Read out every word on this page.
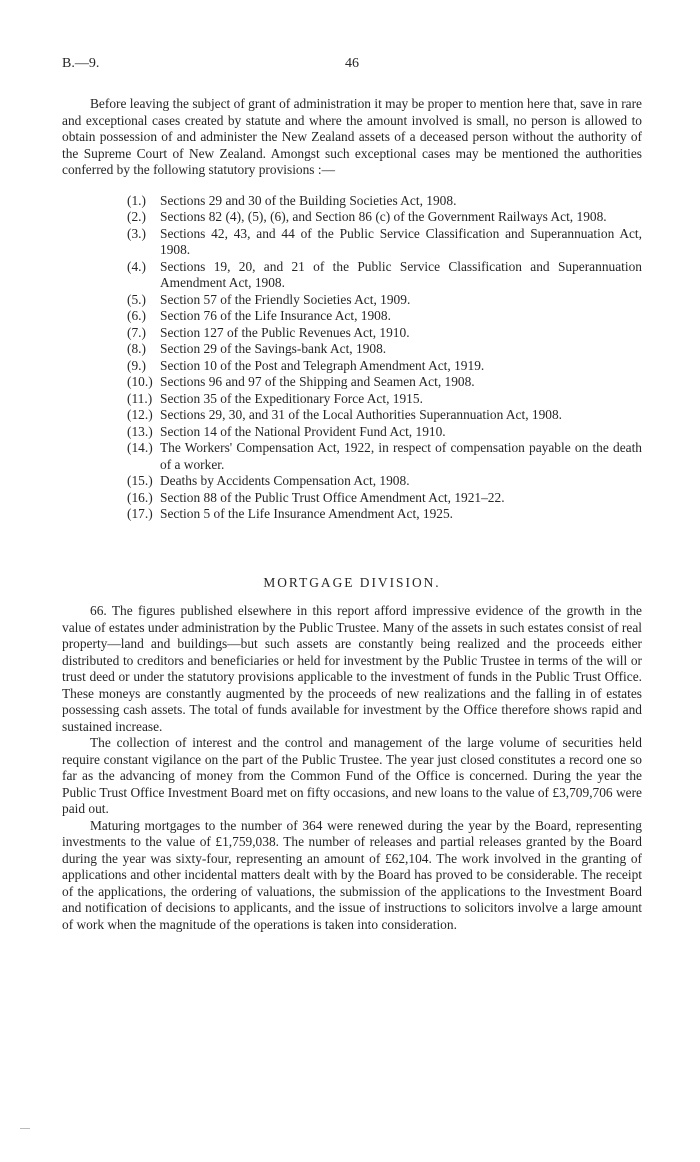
B.—9.	46

Before leaving the subject of grant of administration it may be proper to mention here that, save in rare and exceptional cases created by statute and where the amount involved is small, no person is allowed to obtain possession of and administer the New Zealand assets of a deceased person without the authority of the Supreme Court of New Zealand. Amongst such exceptional cases may be mentioned the authorities conferred by the following statutory provisions :—

(1.) Sections 29 and 30 of the Building Societies Act, 1908.
(2.) Sections 82 (4), (5), (6), and Section 86 (c) of the Government Railways Act, 1908.
(3.) Sections 42, 43, and 44 of the Public Service Classification and Superannuation Act, 1908.
(4.) Sections 19, 20, and 21 of the Public Service Classification and Superannuation Amendment Act, 1908.
(5.) Section 57 of the Friendly Societies Act, 1909.
(6.) Section 76 of the Life Insurance Act, 1908.
(7.) Section 127 of the Public Revenues Act, 1910.
(8.) Section 29 of the Savings-bank Act, 1908.
(9.) Section 10 of the Post and Telegraph Amendment Act, 1919.
(10.) Sections 96 and 97 of the Shipping and Seamen Act, 1908.
(11.) Section 35 of the Expeditionary Force Act, 1915.
(12.) Sections 29, 30, and 31 of the Local Authorities Superannuation Act, 1908.
(13.) Section 14 of the National Provident Fund Act, 1910.
(14.) The Workers' Compensation Act, 1922, in respect of compensation payable on the death of a worker.
(15.) Deaths by Accidents Compensation Act, 1908.
(16.) Section 88 of the Public Trust Office Amendment Act, 1921–22.
(17.) Section 5 of the Life Insurance Amendment Act, 1925.
MORTGAGE DIVISION.

66. The figures published elsewhere in this report afford impressive evidence of the growth in the value of estates under administration by the Public Trustee. Many of the assets in such estates consist of real property—land and buildings—but such assets are constantly being realized and the proceeds either distributed to creditors and beneficiaries or held for investment by the Public Trustee in terms of the will or trust deed or under the statutory provisions applicable to the investment of funds in the Public Trust Office. These moneys are constantly augmented by the proceeds of new realizations and the falling in of estates possessing cash assets. The total of funds available for investment by the Office therefore shows rapid and sustained increase.

The collection of interest and the control and management of the large volume of securities held require constant vigilance on the part of the Public Trustee. The year just closed constitutes a record one so far as the advancing of money from the Common Fund of the Office is concerned. During the year the Public Trust Office Investment Board met on fifty occasions, and new loans to the value of £3,709,706 were paid out.

Maturing mortgages to the number of 364 were renewed during the year by the Board, representing investments to the value of £1,759,038. The number of releases and partial releases granted by the Board during the year was sixty-four, representing an amount of £62,104. The work involved in the granting of applications and other incidental matters dealt with by the Board has proved to be considerable. The receipt of the applications, the ordering of valuations, the submission of the applications to the Investment Board and notification of decisions to applicants, and the issue of instructions to solicitors involve a large amount of work when the magnitude of the operations is taken into consideration.
